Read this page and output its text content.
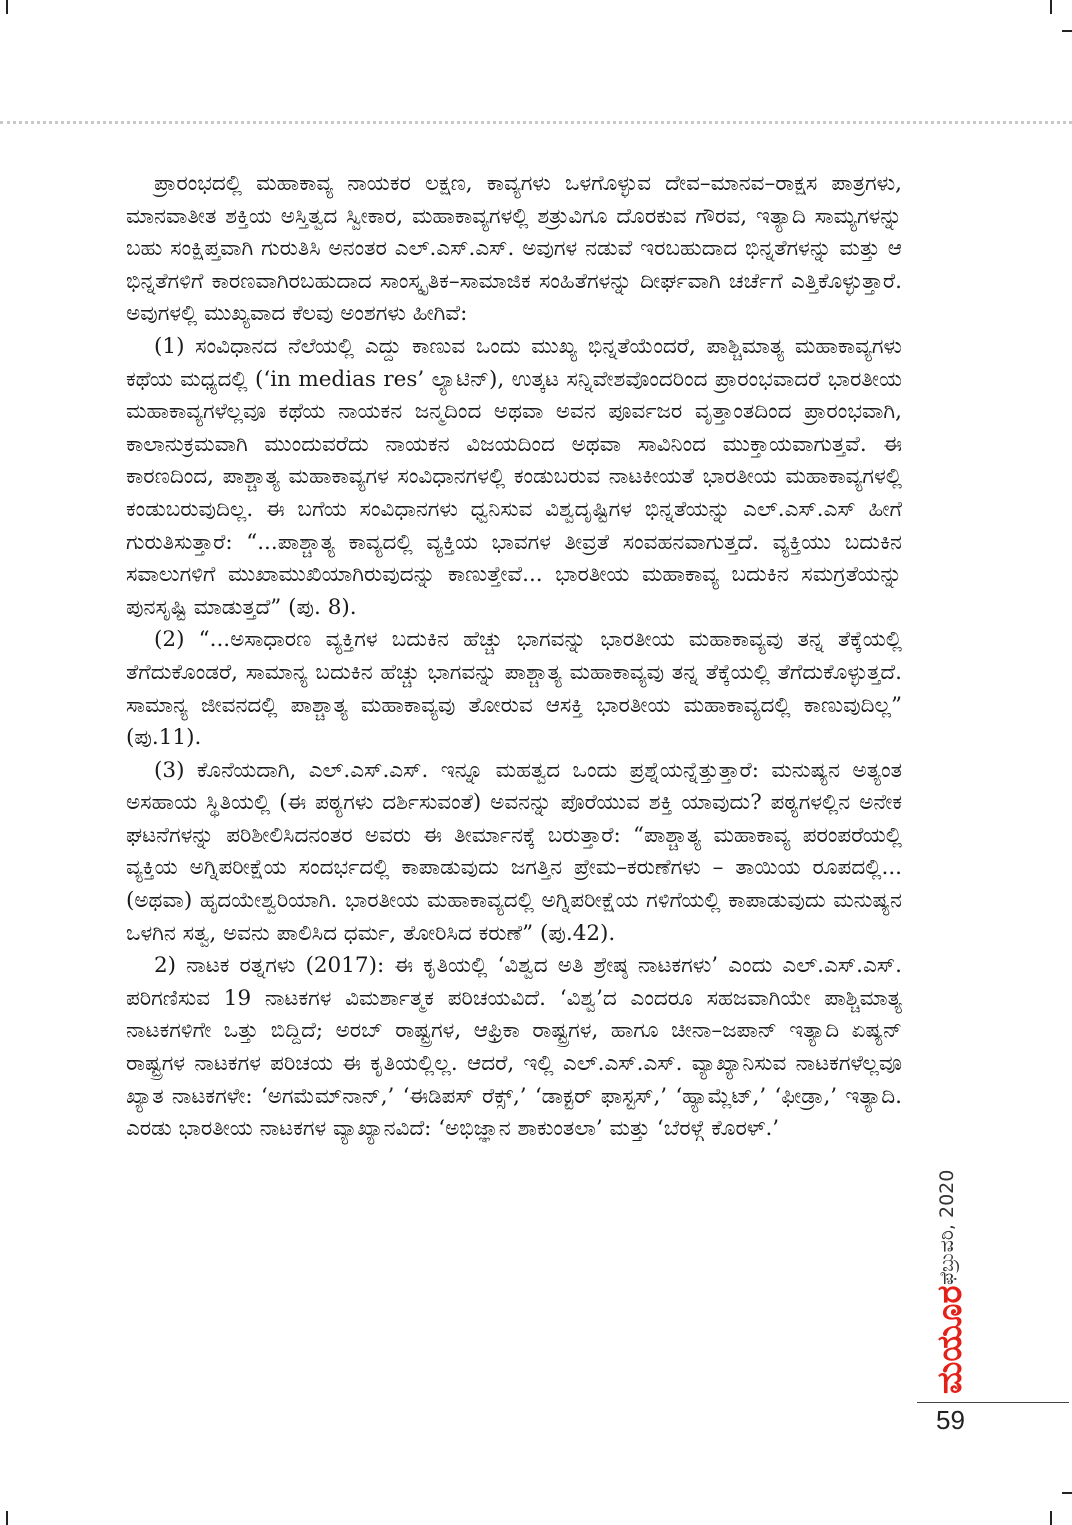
ಪ್ರಾರಂಭದಲ್ಲಿ ಮಹಾಕಾವ್ಯ ನಾಯಕರ ಲಕ್ಷಣ, ಕಾವ್ಯಗಳು ಒಳಗೊಳ್ಳುವ ದೇವ–ಮಾನವ–ರಾಕ್ಷಸ ಪಾತ್ರಗಳು, ಮಾನವಾತೀತ ಶಕ್ತಿಯ ಅಸ್ತಿತ್ವದ ಸ್ವೀಕಾರ, ಮಹಾಕಾವ್ಯಗಳಲ್ಲಿ ಶತ್ರುವಿಗೂ ದೊರಕುವ ಗೌರವ, ಇತ್ಯಾದಿ ಸಾಮ್ಯಗಳನ್ನು ಬಹು ಸಂಕ್ಷಿಪ್ತವಾಗಿ ಗುರುತಿಸಿ ಅನಂತರ ಎಲ್.ಎಸ್.ಎಸ್. ಅವುಗಳ ನಡುವೆ ಇರಬಹುದಾದ ಭಿನ್ನತೆಗಳನ್ನು ಮತ್ತು ಆ ಭಿನ್ನತೆಗಳಿಗೆ ಕಾರಣವಾಗಿರಬಹುದಾದ ಸಾಂಸ್ಕೃತಿಕ–ಸಾಮಾಜಿಕ ಸಂಹಿತೆಗಳನ್ನು ದೀರ್ಘವಾಗಿ ಚರ್ಚೆಗೆ ಎತ್ತಿಕೊಳ್ಳುತ್ತಾರೆ. ಅವುಗಳಲ್ಲಿ ಮುಖ್ಯವಾದ ಕೆಲವು ಅಂಶಗಳು ಹೀಗಿವೆ:

(1) ಸಂವಿಧಾನದ ನೆಲೆಯಲ್ಲಿ ಎದ್ದು ಕಾಣುವ ಒಂದು ಮುಖ್ಯ ಭಿನ್ನತೆಯೆಂದರೆ, ಪಾಶ್ಚಿಮಾತ್ಯ ಮಹಾಕಾವ್ಯಗಳು ಕಥೆಯ ಮಧ್ಯದಲ್ಲಿ (‘in medias res’ ಲ್ಯಾಟಿನ್), ಉತ್ಕಟ ಸನ್ನಿವೇಶವೊಂದರಿಂದ ಪ್ರಾರಂಭವಾದರೆ ಭಾರತೀಯ ಮಹಾಕಾವ್ಯಗಳೆಲ್ಲವೂ ಕಥೆಯ ನಾಯಕನ ಜನ್ಮದಿಂದ ಅಥವಾ ಅವನ ಪೂರ್ವಜರ ವೃತ್ತಾಂತದಿಂದ ಪ್ರಾರಂಭವಾಗಿ, ಕಾಲಾನುಕ್ರಮವಾಗಿ ಮುಂದುವರೆದು ನಾಯಕನ ವಿಜಯದಿಂದ ಅಥವಾ ಸಾವಿನಿಂದ ಮುಕ್ತಾಯವಾಗುತ್ತವೆ. ಈ ಕಾರಣದಿಂದ, ಪಾಶ್ಚಾತ್ಯ ಮಹಾಕಾವ್ಯಗಳ ಸಂವಿಧಾನಗಳಲ್ಲಿ ಕಂಡುಬರುವ ನಾಟಕೀಯತೆ ಭಾರತೀಯ ಮಹಾಕಾವ್ಯಗಳಲ್ಲಿ ಕಂಡುಬರುವುದಿಲ್ಲ. ಈ ಬಗೆಯ ಸಂವಿಧಾನಗಳು ಧ್ವನಿಸುವ ವಿಶ್ವದೃಷ್ಟಿಗಳ ಭಿನ್ನತೆಯನ್ನು ಎಲ್.ಎಸ್.ಎಸ್ ಹೀಗೆ ಗುರುತಿಸುತ್ತಾರೆ: “...ಪಾಶ್ಚಾತ್ಯ ಕಾವ್ಯದಲ್ಲಿ ವ್ಯಕ್ತಿಯ ಭಾವಗಳ ತೀವ್ರತೆ ಸಂವಹನವಾಗುತ್ತದೆ. ವ್ಯಕ್ತಿಯು ಬದುಕಿನ ಸವಾಲುಗಳಿಗೆ ಮುಖಾಮುಖಿಯಾಗಿರುವುದನ್ನು ಕಾಣುತ್ತೇವೆ... ಭಾರತೀಯ ಮಹಾಕಾವ್ಯ ಬದುಕಿನ ಸಮಗ್ರತೆಯನ್ನು ಪುನಸೃಷ್ಟಿ ಮಾಡುತ್ತದೆ” (ಪು. 8).

(2) “...ಅಸಾಧಾರಣ ವ್ಯಕ್ತಿಗಳ ಬದುಕಿನ ಹೆಚ್ಚು ಭಾಗವನ್ನು ಭಾರತೀಯ ಮಹಾಕಾವ್ಯವು ತನ್ನ ತೆಕ್ಕೆಯಲ್ಲಿ ತೆಗೆದುಕೊಂಡರೆ, ಸಾಮಾನ್ಯ ಬದುಕಿನ ಹೆಚ್ಚು ಭಾಗವನ್ನು ಪಾಶ್ಚಾತ್ಯ ಮಹಾಕಾವ್ಯವು ತನ್ನ ತೆಕ್ಕೆಯಲ್ಲಿ ತೆಗೆದುಕೊಳ್ಳುತ್ತದೆ. ಸಾಮಾನ್ಯ ಜೀವನದಲ್ಲಿ ಪಾಶ್ಚಾತ್ಯ ಮಹಾಕಾವ್ಯವು ತೋರುವ ಆಸಕ್ತಿ ಭಾರತೀಯ ಮಹಾಕಾವ್ಯದಲ್ಲಿ ಕಾಣುವುದಿಲ್ಲ” (ಪು.11).

(3) ಕೊನೆಯದಾಗಿ, ಎಲ್.ಎಸ್.ಎಸ್. ಇನ್ನೂ ಮಹತ್ವದ ಒಂದು ಪ್ರಶ್ನೆಯನ್ನೆತ್ತುತ್ತಾರೆ: ಮನುಷ್ಯನ ಅತ್ಯಂತ ಅಸಹಾಯ ಸ್ಥಿತಿಯಲ್ಲಿ (ಈ ಪಠ್ಯಗಳು ದರ್ಶಿಸುವಂತೆ) ಅವನನ್ನು ಪೊರೆಯುವ ಶಕ್ತಿ ಯಾವುದು? ಪಠ್ಯಗಳಲ್ಲಿನ ಅನೇಕ ಘಟನೆಗಳನ್ನು ಪರಿಶೀಲಿಸಿದನಂತರ ಅವರು ಈ ತೀರ್ಮಾನಕ್ಕೆ ಬರುತ್ತಾರೆ: “ಪಾಶ್ಚಾತ್ಯ ಮಹಾಕಾವ್ಯ ಪರಂಪರೆಯಲ್ಲಿ ವ್ಯಕ್ತಿಯ ಅಗ್ನಿಪರೀಕ್ಷೆಯ ಸಂದರ್ಭದಲ್ಲಿ ಕಾಪಾಡುವುದು ಜಗತ್ತಿನ ಪ್ರೇಮ–ಕರುಣೆಗಳು – ತಾಯಿಯ ರೂಪದಲ್ಲಿ... (ಅಥವಾ) ಹೃದಯೇಶ್ವರಿಯಾಗಿ. ಭಾರತೀಯ ಮಹಾಕಾವ್ಯದಲ್ಲಿ ಅಗ್ನಿಪರೀಕ್ಷೆಯ ಗಳಿಗೆಯಲ್ಲಿ ಕಾಪಾಡುವುದು ಮನುಷ್ಯನ ಒಳಗಿನ ಸತ್ವ, ಅವನು ಪಾಲಿಸಿದ ಧರ್ಮ, ತೋರಿಸಿದ ಕರುಣೆ” (ಪು.42).

2) ನಾಟಕ ರತ್ನಗಳು (2017): ಈ ಕೃತಿಯಲ್ಲಿ ‘ವಿಶ್ವದ ಅತಿ ಶ್ರೇಷ್ಠ ನಾಟಕಗಳು’ ಎಂದು ಎಲ್.ಎಸ್.ಎಸ್. ಪರಿಗಣಿಸುವ 19 ನಾಟಕಗಳ ವಿಮರ್ಶಾತ್ಮಕ ಪರಿಚಯವಿದೆ. ‘ವಿಶ್ವ’ದ ಎಂದರೂ ಸಹಜವಾಗಿಯೇ ಪಾಶ್ಚಿಮಾತ್ಯ ನಾಟಕಗಳಿಗೇ ಒತ್ತು ಬಿದ್ದಿದೆ; ಅರಬ್ ರಾಷ್ಟ್ರಗಳ, ಆಫ್ರಿಕಾ ರಾಷ್ಟ್ರಗಳ, ಹಾಗೂ ಚೀನಾ–ಜಪಾನ್ ಇತ್ಯಾದಿ ಏಷ್ಯನ್ ರಾಷ್ಟ್ರಗಳ ನಾಟಕಗಳ ಪರಿಚಯ ಈ ಕೃತಿಯಲ್ಲಿಲ್ಲ. ಆದರೆ, ಇಲ್ಲಿ ಎಲ್.ಎಸ್.ಎಸ್. ವ್ಯಾಖ್ಯಾನಿಸುವ ನಾಟಕಗಳೆಲ್ಲವೂ ಖ್ಯಾತ ನಾಟಕಗಳೇ: ‘ಅಗಮೆಮ್‌ನಾನ್,’ ‘ಈಡಿಪಸ್ ರೆಕ್ಸ್,’ ‘ಡಾಕ್ಟರ್ ಫಾಸ್ಟಸ್,’ ‘ಹ್ಯಾಮ್ಲೆಟ್,’ ‘ಫೀಡ್ರಾ,’ ಇತ್ಯಾದಿ. ಎರಡು ಭಾರತೀಯ ನಾಟಕಗಳ ವ್ಯಾಖ್ಯಾನವಿದೆ: ‘ಅಭಿಜ್ಞಾನ ಶಾಕುಂತಲಾ’ ಮತ್ತು ‘ಬೆರಳ್ಗೆ ಕೊರಳ್.’

ಫೆಬ್ರುವರಿ, 2020
ಮಯೂರ
59
